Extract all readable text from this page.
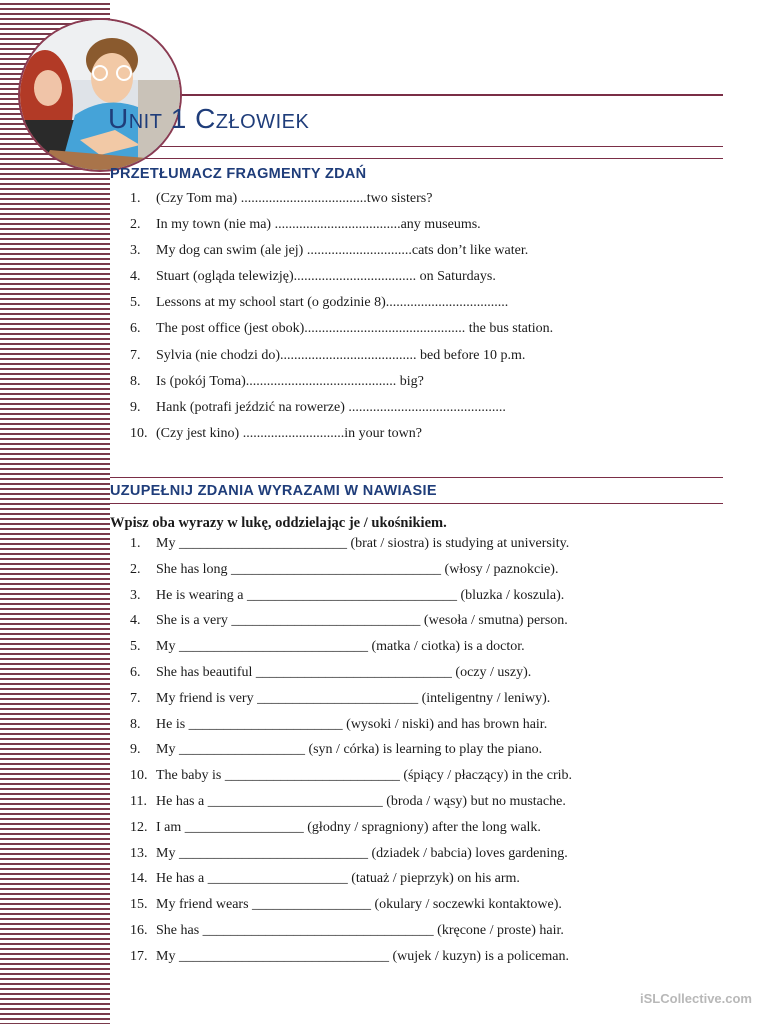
Unit 1 Człowiek
PRZETŁUMACZ FRAGMENTY ZDAŃ
1.	(Czy Tom ma) ....................................two sisters?
2.	In my town (nie ma) ....................................any museums.
3.	My dog can swim (ale jej) ..............................cats don’t like water.
4.	Stuart (ogląda telewizję)................................... on Saturdays.
5.	Lessons at my school start (o godzinie 8)...................................
6.	The post office (jest obok).............................................. the bus station.
7.	Sylvia (nie chodzi do)....................................... bed before 10 p.m.
8.	Is (pokój Toma)........................................... big?
9.	Hank (potrafi jeździć na rowerze) .............................................
10. (Czy jest kino) .............................in your town?
UZUPEŁNIJ ZDANIA WYRAZAMI W NAWIASIE

Wpisz oba wyrazy w lukę, oddzielając je / ukośnikiem.

1.	My ________________________ (brat / siostra) is studying at university.
2.	She has long ______________________________ (włosy / paznokcie).
3.	He is wearing a ______________________________ (bluzka / koszula).
4.	She is a very ___________________________ (wesoła / smutna) person.
5.	My ___________________________ (matka / ciotka) is a doctor.
6.	She has beautiful ____________________________ (oczy / uszy).
7.	My friend is very _______________________ (inteligentny / leniwy).
8.	He is ______________________ (wysoki / niski) and has brown hair.
9.	My __________________ (syn / córka) is learning to play the piano.
10. The baby is _________________________ (śpiący / płaczący) in the crib.
11. He has a _________________________ (broda / wąsy) but no mustache.
12. I am _________________ (głodny / spragniony) after the long walk.
13. My ___________________________ (dziadek / babcia) loves gardening.
14. He has a ____________________ (tatuaż / pieprzyk) on his arm.
15. My friend wears _________________ (okulary / soczewki kontaktowe).
16. She has _________________________________ (kręcone / proste) hair.
17. My ______________________________ (wujek / kuzyn) is a policeman.

iSLCollective.com
